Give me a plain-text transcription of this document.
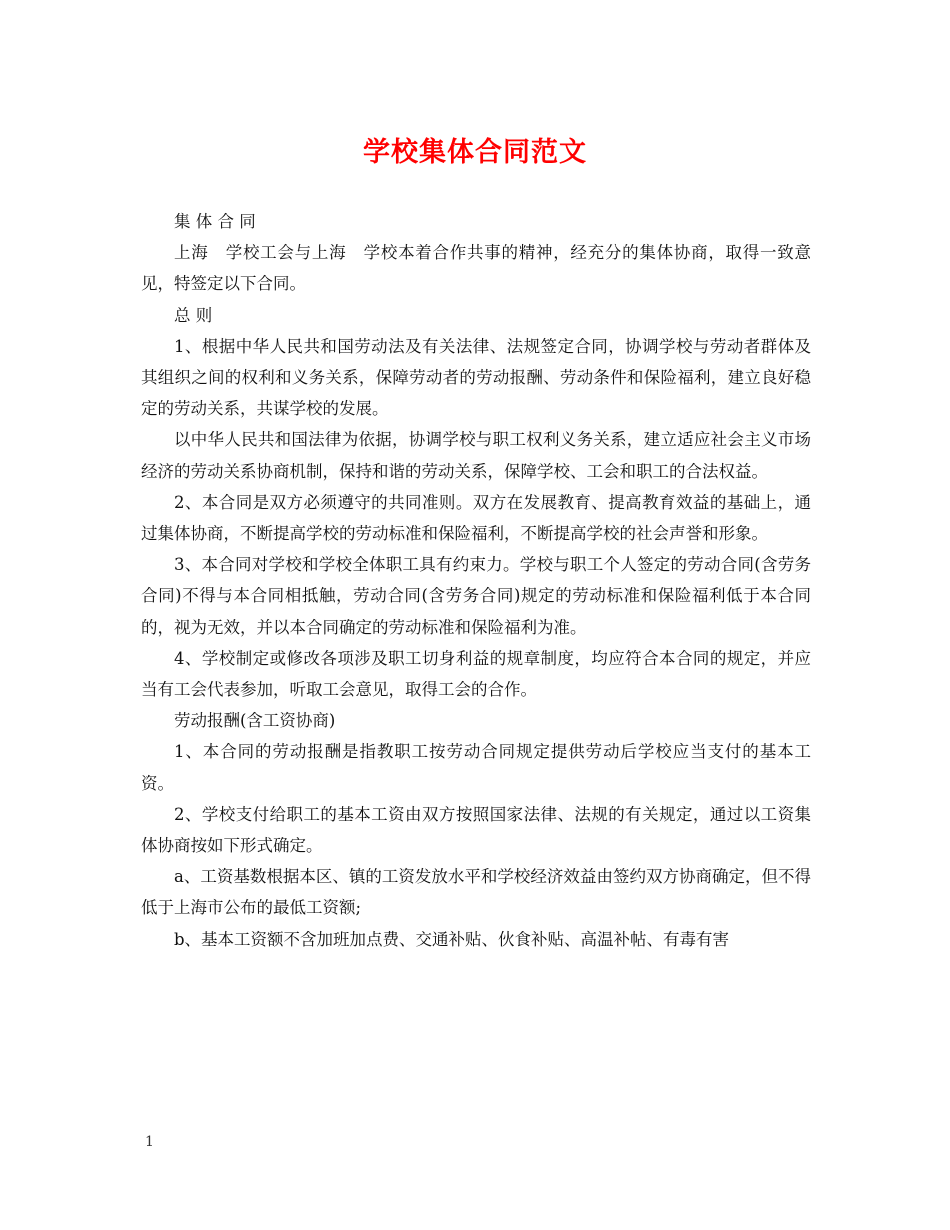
学校集体合同范文

集 体 合 同

上海　学校工会与上海　学校本着合作共事的精神，经充分的集体协商，取得一致意见，特签定以下合同。

总 则

1、根据中华人民共和国劳动法及有关法律、法规签定合同，协调学校与劳动者群体及其组织之间的权利和义务关系，保障劳动者的劳动报酬、劳动条件和保险福利，建立良好稳定的劳动关系，共谋学校的发展。

以中华人民共和国法律为依据，协调学校与职工权利义务关系，建立适应社会主义市场经济的劳动关系协商机制，保持和谐的劳动关系，保障学校、工会和职工的合法权益。

2、本合同是双方必须遵守的共同准则。双方在发展教育、提高教育效益的基础上，通过集体协商，不断提高学校的劳动标准和保险福利，不断提高学校的社会声誉和形象。

3、本合同对学校和学校全体职工具有约束力。学校与职工个人签定的劳动合同(含劳务合同)不得与本合同相抵触，劳动合同(含劳务合同)规定的劳动标准和保险福利低于本合同的，视为无效，并以本合同确定的劳动标准和保险福利为准。

4、学校制定或修改各项涉及职工切身利益的规章制度，均应符合本合同的规定，并应当有工会代表参加，听取工会意见，取得工会的合作。

劳动报酬(含工资协商)

1、本合同的劳动报酬是指教职工按劳动合同规定提供劳动后学校应当支付的基本工资。

2、学校支付给职工的基本工资由双方按照国家法律、法规的有关规定，通过以工资集体协商按如下形式确定。

a、工资基数根据本区、镇的工资发放水平和学校经济效益由签约双方协商确定，但不得低于上海市公布的最低工资额;

b、基本工资额不含加班加点费、交通补贴、伙食补贴、高温补帖、有毒有害

1
